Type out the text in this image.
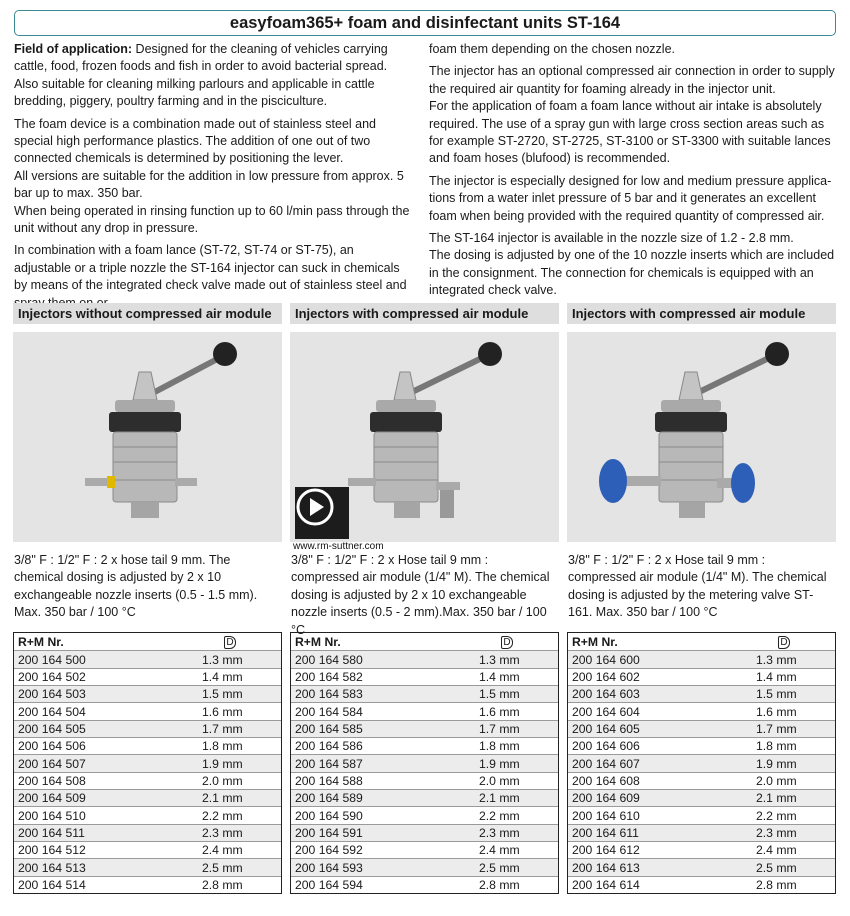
easyfoam365+
foam and disinfectant units ST-164

Field of application: Designed for the cleaning of vehicles carrying cattle, food, frozen foods and fish in order to avoid bacterial spread. Also suitable for cleaning milking parlours and applicable in cattle bredding, piggery, poultry farming and in the pisciculture.

The foam device is a combination made out of stainless steel and special high performance plastics. The addition of one out of two connected chemicals is determined by positioning the lever.

All versions are suitable for the addition in low pressure from approx. 5 bar up to max. 350 bar.

When being operated in rinsing function up to 60 l/min pass through the unit without any drop in pressure.

In combination with a foam lance (ST-72, ST-74 or ST-75), an adjustable or a triple nozzle the ST-164 injector can suck in chemicals by means of the integrated check valve made out of stainless steel and

foam them depending on the chosen nozzle.

The injector has an optional compressed air connection in order to supply the required air quantity for foaming already in the injector unit.

For the application of foam a foam lance without air intake is absolutely required. The use of a spray gun with large cross section areas such as for example ST-2720, ST-2725, ST-3100 or ST-3300 with suitable lances and foam hoses (blufood) is recommended.

The injector is especially designed for low and medium pressure applica-tions from a water inlet pressure of 5 bar and it generates an excellent foam when being provided with the required quantity of compressed air.

The ST-164 injector is available in the nozzle size of 1.2 - 2.8 mm.

The dosing is adjusted by one of the 10 nozzle inserts which are included in the consignment. The connection for chemicals is equipped with an integrated check valve.

Injectors without compressed air module
3/8" F : 1/2" F : 2 x hose tail 9 mm. The chemical dosing is adjusted by 2 x 10 exchangeable nozzle inserts (0.5 - 1.5 mm). Max. 350 bar / 100 °C
R+M Nr.	D
200 164 500	1.3 mm
200 164 502	1.4 mm
200 164 503	1.5 mm
200 164 504	1.6 mm
200 164 505	1.7 mm
200 164 506	1.8 mm
200 164 507	1.9 mm
200 164 508	2.0 mm
200 164 509	2.1 mm
200 164 510	2.2 mm
200 164 511	2.3 mm
200 164 512	2.4 mm
200 164 513	2.5 mm
200 164 514	2.8 mm
Injectors with compressed air module
www.rm-suttner.com
3/8" F : 1/2" F : 2 x Hose tail 9 mm : compressed air module (1/4" M). The chemical dosing is adjusted by 2 x 10 exchangeable nozzle inserts (0.5 - 2 mm).Max. 350 bar / 100 °C
R+M Nr.	D
200 164 580	1.3 mm
200 164 582	1.4 mm
200 164 583	1.5 mm
200 164 584	1.6 mm
200 164 585	1.7 mm
200 164 586	1.8 mm
200 164 587	1.9 mm
200 164 588	2.0 mm
200 164 589	2.1 mm
200 164 590	2.2 mm
200 164 591	2.3 mm
200 164 592	2.4 mm
200 164 593	2.5 mm
200 164 594	2.8 mm
Injectors with compressed air module
3/8" F : 1/2" F : 2 x Hose tail 9 mm : compressed air module (1/4" M). The chemical dosing is adjusted by the metering valve ST-161. Max. 350 bar / 100 °C
R+M Nr.	D
200 164 600	1.3 mm
200 164 602	1.4 mm
200 164 603	1.5 mm
200 164 604	1.6 mm
200 164 605	1.7 mm
200 164 606	1.8 mm
200 164 607	1.9 mm
200 164 608	2.0 mm
200 164 609	2.1 mm
200 164 610	2.2 mm
200 164 611	2.3 mm
200 164 612	2.4 mm
200 164 613	2.5 mm
200 164 614	2.8 mm
